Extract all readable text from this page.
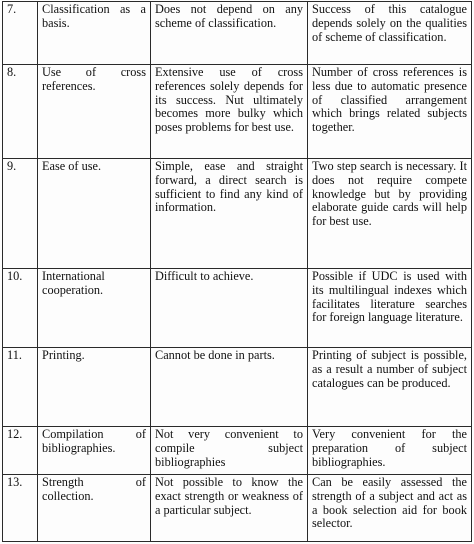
7.	Classification as a basis.	Does not depend on any scheme of classification.	Success of this catalogue depends solely on the qualities of scheme of classification.
8.	Use of cross references.	Extensive use of cross references solely depends for its success. Nut ultimately becomes more bulky which poses problems for best use.	Number of cross references is less due to automatic presence of classified arrangement which brings related subjects together.
9.	Ease of use.	Simple, ease and straight forward, a direct search is sufficient to find any kind of information.	Two step search is necessary. It does not require compete knowledge but by providing elaborate guide cards will help for best use.
10.	International cooperation.	Difficult to achieve.	Possible if UDC is used with its multilingual indexes which facilitates literature searches for foreign language literature.
11.	Printing.	Cannot be done in parts.	Printing of subject is possible, as a result a number of subject catalogues can be produced.
12.	Compilation of bibliographies.	Not very convenient to compile subject bibliographies	Very convenient for the preparation of subject bibliographies.
13.	Strength of collection.	Not possible to know the exact strength or weakness of a particular subject.	Can be easily assessed the strength of a subject and act as a book selection aid for book selector.
